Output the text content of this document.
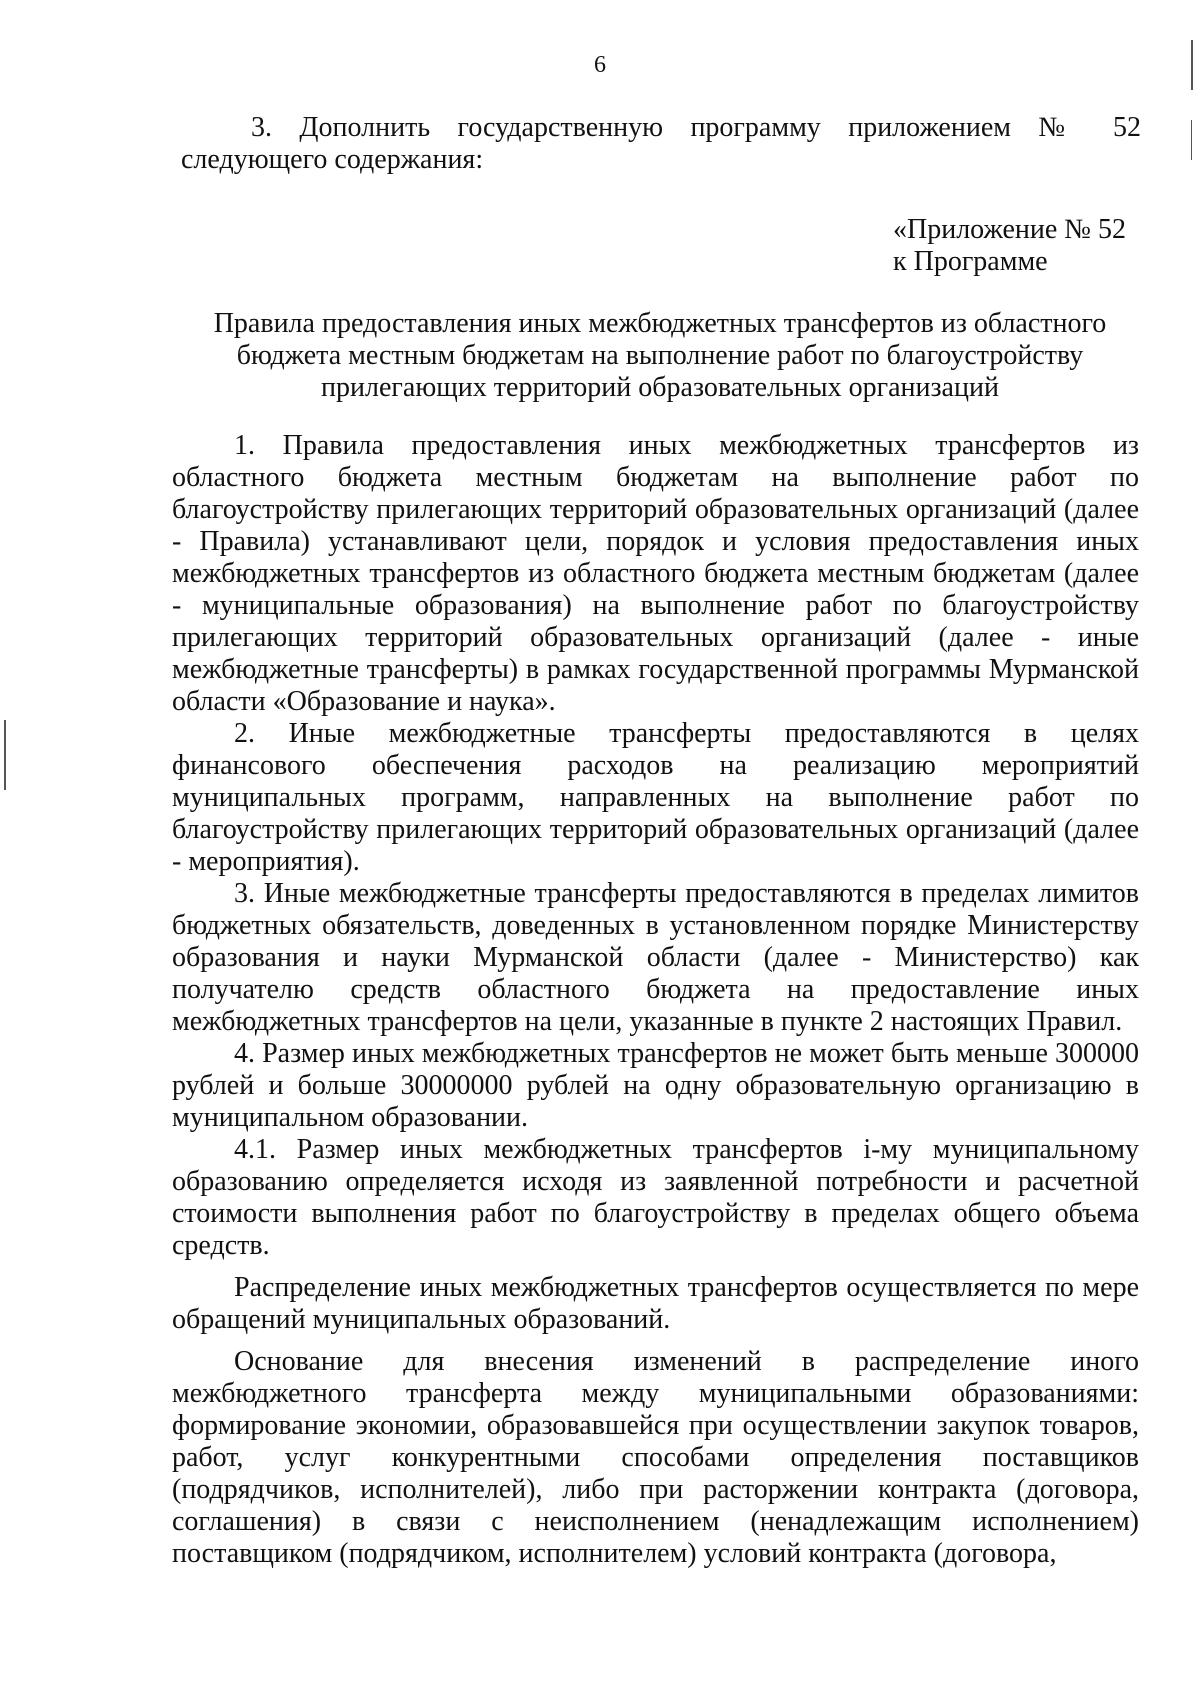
6
3. Дополнить государственную программу приложением № 52 следующего содержания:
«Приложение № 52
к Программе
Правила предоставления иных межбюджетных трансфертов из областного бюджета местным бюджетам на выполнение работ по благоустройству прилегающих территорий образовательных организаций

1. Правила предоставления иных межбюджетных трансфертов из областного бюджета местным бюджетам на выполнение работ по благоустройству прилегающих территорий образовательных организаций (далее - Правила) устанавливают цели, порядок и условия предоставления иных межбюджетных трансфертов из областного бюджета местным бюджетам (далее - муниципальные образования) на выполнение работ по благоустройству прилегающих территорий образовательных организаций (далее - иные межбюджетные трансферты) в рамках государственной программы Мурманской области «Образование и наука».

2. Иные межбюджетные трансферты предоставляются в целях финансового обеспечения расходов на реализацию мероприятий муниципальных программ, направленных на выполнение работ по благоустройству прилегающих территорий образовательных организаций (далее - мероприятия).

3. Иные межбюджетные трансферты предоставляются в пределах лимитов бюджетных обязательств, доведенных в установленном порядке Министерству образования и науки Мурманской области (далее - Министерство) как получателю средств областного бюджета на предоставление иных межбюджетных трансфертов на цели, указанные в пункте 2 настоящих Правил.

4. Размер иных межбюджетных трансфертов не может быть меньше 300000 рублей и больше 30000000 рублей на одну образовательную организацию в муниципальном образовании.

4.1. Размер иных межбюджетных трансфертов i-му муниципальному образованию определяется исходя из заявленной потребности и расчетной стоимости выполнения работ по благоустройству в пределах общего объема средств.

Распределение иных межбюджетных трансфертов осуществляется по мере обращений муниципальных образований.

Основание для внесения изменений в распределение иного межбюджетного трансферта между муниципальными образованиями: формирование экономии, образовавшейся при осуществлении закупок товаров, работ, услуг конкурентными способами определения поставщиков (подрядчиков, исполнителей), либо при расторжении контракта (договора, соглашения) в связи с неисполнением (ненадлежащим исполнением) поставщиком (подрядчиком, исполнителем) условий контракта (договора,
